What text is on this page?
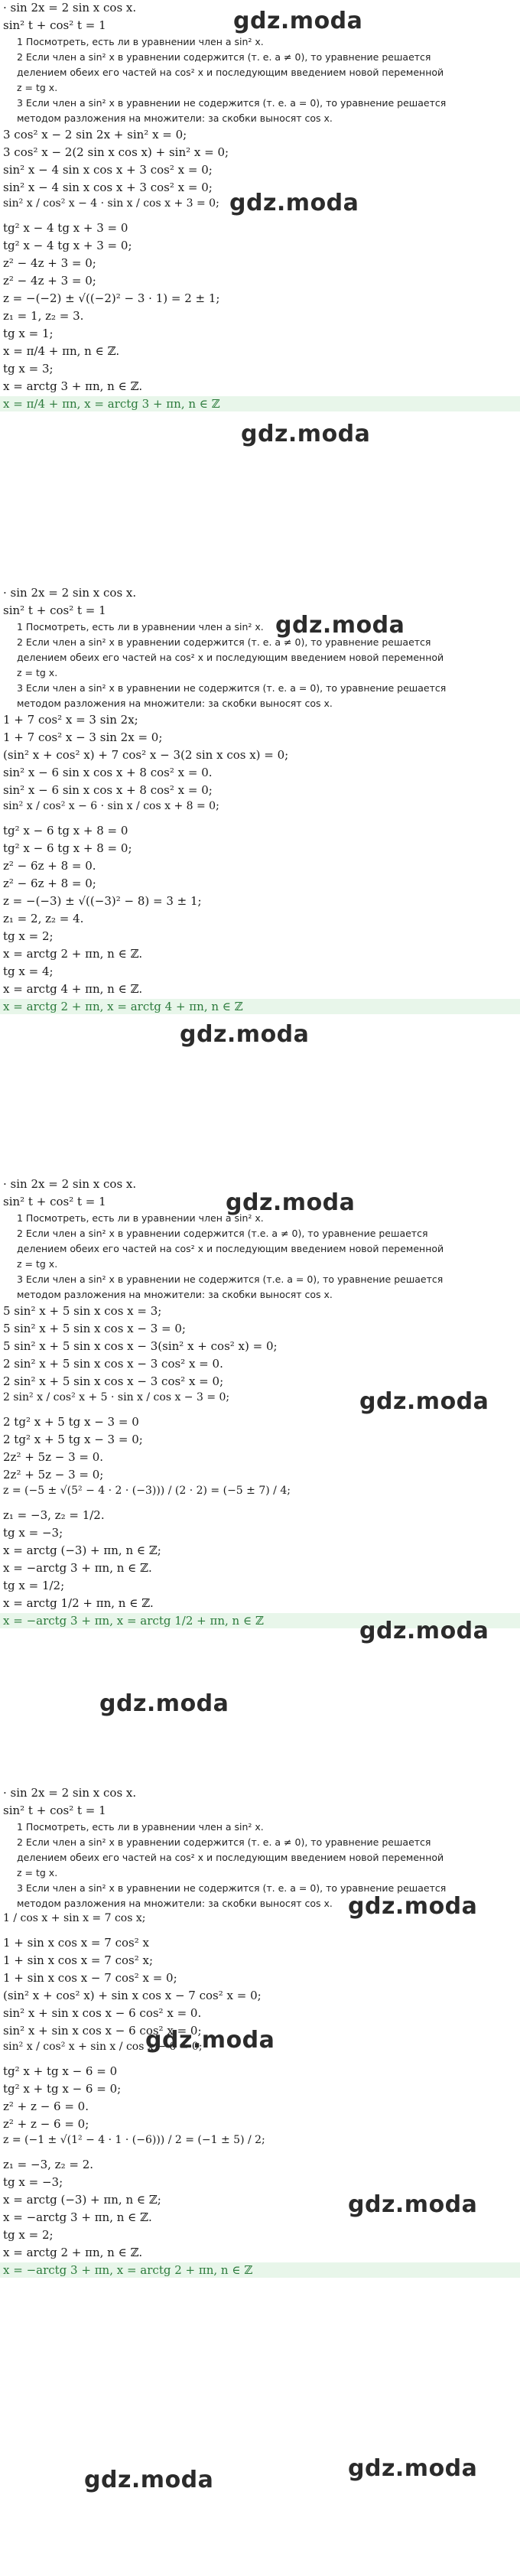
· sin 2x = 2 sin x cos x.
sin² t + cos² t = 1
1 Посмотреть, есть ли в уравнении член a sin² x.
2 Если член a sin² x в уравнении содержится (т. е. a ≠ 0), то уравнение решается
делением обеих его частей на cos² x и последующим введением новой переменной
z = tg x.
3 Если член a sin² x в уравнении не содержится (т. е. a = 0), то уравнение решается
методом разложения на множители: за скобки выносят cos x.
3 cos² x − 2 sin 2x + sin² x = 0;
3 cos² x − 2(2 sin x cos x) + sin² x = 0;
sin² x − 4 sin x cos x + 3 cos² x = 0;
sin² x − 4 sin x cos x + 3 cos² x = 0;
sin² x / cos² x − 4 · sin x / cos x + 3 = 0;
tg² x − 4 tg x + 3 = 0
tg² x − 4 tg x + 3 = 0;
z² − 4z + 3 = 0;
z² − 4z + 3 = 0;
z = −(−2) ± √((−2)² − 3 · 1) = 2 ± 1;
z₁ = 1, z₂ = 3.
tg x = 1;
x = π/4 + πn, n ∈ ℤ.
tg x = 3;
x = arctg 3 + πn, n ∈ ℤ.
x = π/4 + πn, x = arctg 3 + πn, n ∈ ℤ
· sin 2x = 2 sin x cos x.
sin² t + cos² t = 1
1 Посмотреть, есть ли в уравнении член a sin² x.
2 Если член a sin² x в уравнении содержится (т. е. a ≠ 0), то уравнение решается
делением обеих его частей на cos² x и последующим введением новой переменной
z = tg x.
3 Если член a sin² x в уравнении не содержится (т. е. a = 0), то уравнение решается
методом разложения на множители: за скобки выносят cos x.
1 + 7 cos² x = 3 sin 2x;
1 + 7 cos² x − 3 sin 2x = 0;
(sin² x + cos² x) + 7 cos² x − 3(2 sin x cos x) = 0;
sin² x − 6 sin x cos x + 8 cos² x = 0.
sin² x − 6 sin x cos x + 8 cos² x = 0;
sin² x / cos² x − 6 · sin x / cos x + 8 = 0;
tg² x − 6 tg x + 8 = 0
tg² x − 6 tg x + 8 = 0;
z² − 6z + 8 = 0.
z² − 6z + 8 = 0;
z = −(−3) ± √((−3)² − 8) = 3 ± 1;
z₁ = 2, z₂ = 4.
tg x = 2;
x = arctg 2 + πn, n ∈ ℤ.
tg x = 4;
x = arctg 4 + πn, n ∈ ℤ.
x = arctg 2 + πn, x = arctg 4 + πn, n ∈ ℤ
· sin 2x = 2 sin x cos x.
sin² t + cos² t = 1
1 Посмотреть, есть ли в уравнении член a sin² x.
2 Если член a sin² x в уравнении содержится (т.е. a ≠ 0), то уравнение решается
делением обеих его частей на cos² x и последующим введением новой переменной
z = tg x.
3 Если член a sin² x в уравнении не содержится (т.е. a = 0), то уравнение решается
методом разложения на множители: за скобки выносят cos x.
5 sin² x + 5 sin x cos x = 3;
5 sin² x + 5 sin x cos x − 3 = 0;
5 sin² x + 5 sin x cos x − 3(sin² x + cos² x) = 0;
2 sin² x + 5 sin x cos x − 3 cos² x = 0.
2 sin² x + 5 sin x cos x − 3 cos² x = 0;
2 sin² x / cos² x + 5 · sin x / cos x − 3 = 0;
2 tg² x + 5 tg x − 3 = 0
2 tg² x + 5 tg x − 3 = 0;
2z² + 5z − 3 = 0.
2z² + 5z − 3 = 0;
z = (−5 ± √(5² − 4 · 2 · (−3))) / (2 · 2) = (−5 ± 7) / 4;
z₁ = −3, z₂ = 1/2.
tg x = −3;
x = arctg (−3) + πn, n ∈ ℤ;
x = −arctg 3 + πn, n ∈ ℤ.
tg x = 1/2;
x = arctg 1/2 + πn, n ∈ ℤ.
x = −arctg 3 + πn, x = arctg 1/2 + πn, n ∈ ℤ
· sin 2x = 2 sin x cos x.
sin² t + cos² t = 1
1 Посмотреть, есть ли в уравнении член a sin² x.
2 Если член a sin² x в уравнении содержится (т. е. a ≠ 0), то уравнение решается
делением обеих его частей на cos² x и последующим введением новой переменной
z = tg x.
3 Если член a sin² x в уравнении не содержится (т. е. a = 0), то уравнение решается
методом разложения на множители: за скобки выносят cos x.
1 / cos x + sin x = 7 cos x;
1 + sin x cos x = 7 cos² x
1 + sin x cos x = 7 cos² x;
1 + sin x cos x − 7 cos² x = 0;
(sin² x + cos² x) + sin x cos x − 7 cos² x = 0;
sin² x + sin x cos x − 6 cos² x = 0.
sin² x + sin x cos x − 6 cos² x = 0;
sin² x / cos² x + sin x / cos x − 6 = 0;
tg² x + tg x − 6 = 0
tg² x + tg x − 6 = 0;
z² + z − 6 = 0.
z² + z − 6 = 0;
z = (−1 ± √(1² − 4 · 1 · (−6))) / 2 = (−1 ± 5) / 2;
z₁ = −3, z₂ = 2.
tg x = −3;
x = arctg (−3) + πn, n ∈ ℤ;
x = −arctg 3 + πn, n ∈ ℤ.
tg x = 2;
x = arctg 2 + πn, n ∈ ℤ.
x = −arctg 3 + πn, x = arctg 2 + πn, n ∈ ℤ
gdz.moda
gdz.moda
gdz.moda
gdz.moda
gdz.moda
gdz.moda
gdz.moda
gdz.moda
gdz.moda
gdz.moda
gdz.moda
gdz.moda
gdz.moda	gdz.moda
